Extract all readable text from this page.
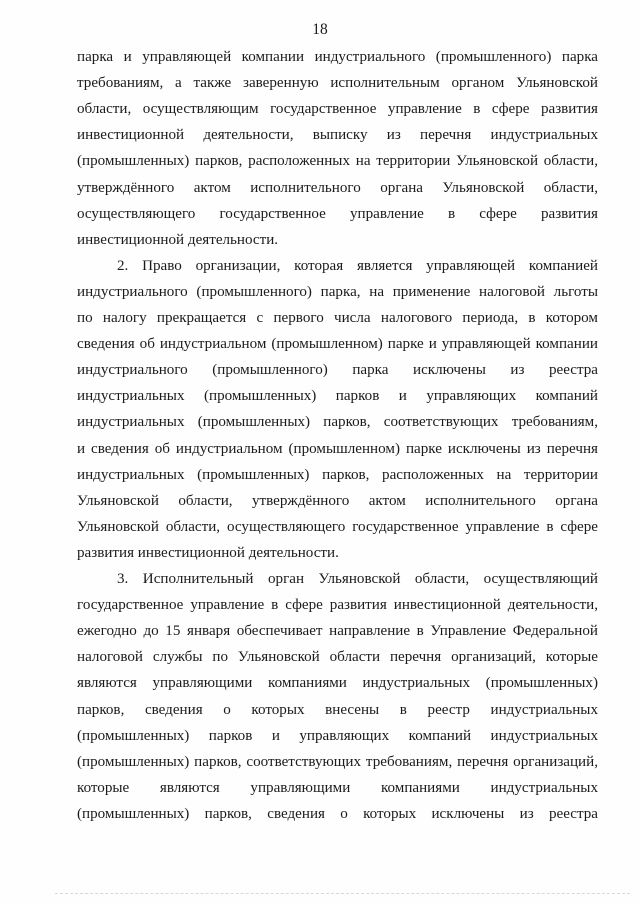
18
парка и управляющей компании индустриального (промышленного) парка
требованиям, а также заверенную исполнительным органом Ульяновской
области, осуществляющим государственное управление в сфере развития
инвестиционной деятельности, выписку из перечня индустриальных
(промышленных) парков, расположенных на территории Ульяновской области,
утверждённого актом исполнительного органа Ульяновской области,
осуществляющего государственное управление в сфере развития
инвестиционной деятельности.
2. Право организации, которая является управляющей компанией
индустриального (промышленного) парка, на применение налоговой льготы
по налогу прекращается с первого числа налогового периода, в котором
сведения об индустриальном (промышленном) парке и управляющей компании
индустриального (промышленного) парка исключены из реестра
индустриальных (промышленных) парков и управляющих компаний
индустриальных (промышленных) парков, соответствующих требованиям,
и сведения об индустриальном (промышленном) парке исключены из перечня
индустриальных (промышленных) парков, расположенных на территории
Ульяновской области, утверждённого актом исполнительного органа
Ульяновской области, осуществляющего государственное управление в сфере
развития инвестиционной деятельности.
3. Исполнительный орган Ульяновской области, осуществляющий
государственное управление в сфере развития инвестиционной деятельности,
ежегодно до 15 января обеспечивает направление в Управление Федеральной
налоговой службы по Ульяновской области перечня организаций, которые
являются управляющими компаниями индустриальных (промышленных)
парков, сведения о которых внесены в реестр индустриальных
(промышленных) парков и управляющих компаний индустриальных
(промышленных) парков, соответствующих требованиям, перечня организаций,
которые являются управляющими компаниями индустриальных
(промышленных) парков, сведения о которых исключены из реестра
